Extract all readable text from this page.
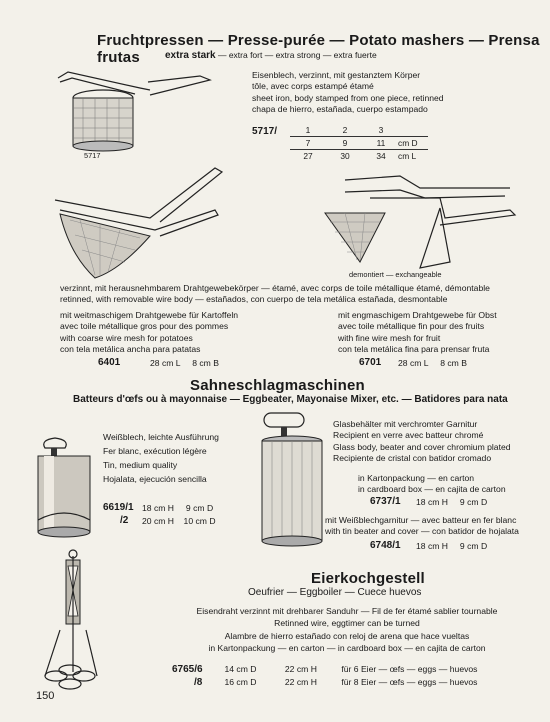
Fruchtpressen — Presse-purée — Potato mashers — Prensa frutas	extra stark — extra fort — extra strong — extra fuerte
5717
Eisenblech, verzinnt, mit gestanztem Körper
tôle, avec corps estampé étamé
sheet iron, body stamped from one piece, retinned
chapa de hierro, estañada, cuerpo estampado
5717/	1	2	3	
7	9	11	cm D
27	30	34	cm L
demontiert — exchangeable
verzinnt, mit herausnehmbarem Drahtgewebekörper — étamé, avec corps de toile métallique étamé, démontable
retinned, with removable wire body — estañados, con cuerpo de tela metálica estañada, desmontable
mit weitmaschigem Drahtgewebe für Kartoffeln
avec toile métallique gros pour des pommes
with coarse wire mesh for potatoes
con tela metálica ancha para patatas
6401	28 cm L     8 cm B
mit engmaschigem Drahtgewebe für Obst
avec toile métallique fin pour des fruits
with fine wire mesh for fruit
con tela metálica fina para prensar fruta
6701 28 cm L     8 cm B
Sahneschlagmaschinen
Batteurs d'œfs ou à mayonnaise — Eggbeater, Mayonaise Mixer, etc. — Batidores para nata
Weißblech, leichte Ausführung
Fer blanc, exécution légère
Tin, medium quality
Hojalata, ejecución sencilla
6619/1 18 cm H     9 cm D
/2 20 cm H    10 cm D
Glasbehälter mit verchromter Garnitur
Recipient en verre avec batteur chromé
Glass body, beater and cover chromium plated
Recipiente de cristal con batidor cromado
in Kartonpackung — en carton
in cardboard box — en cajita de carton
6737/1 18 cm H     9 cm D
mit Weißblechgarnitur — avec batteur en fer blanc
with tin beater and cover — con batidor de hojalata
6748/1 18 cm H     9 cm D
Eierkochgestell
Oeufrier — Eggboiler — Cuece huevos
Eisendraht verzinnt mit drehbarer Sanduhr — Fil de fer étamé sablier tournable
Retinned wire, eggtimer can be turned
Alambre de hierro estañado con reloj de arena que hace vueltas
in Kartonpackung — en carton — in cardboard box — en cajita de carton
6765/6	14 cm D	22 cm H	für 6 Eier — œfs — eggs — huevos
/8	16 cm D	22 cm H	für 8 Eier — œfs — eggs — huevos
150
